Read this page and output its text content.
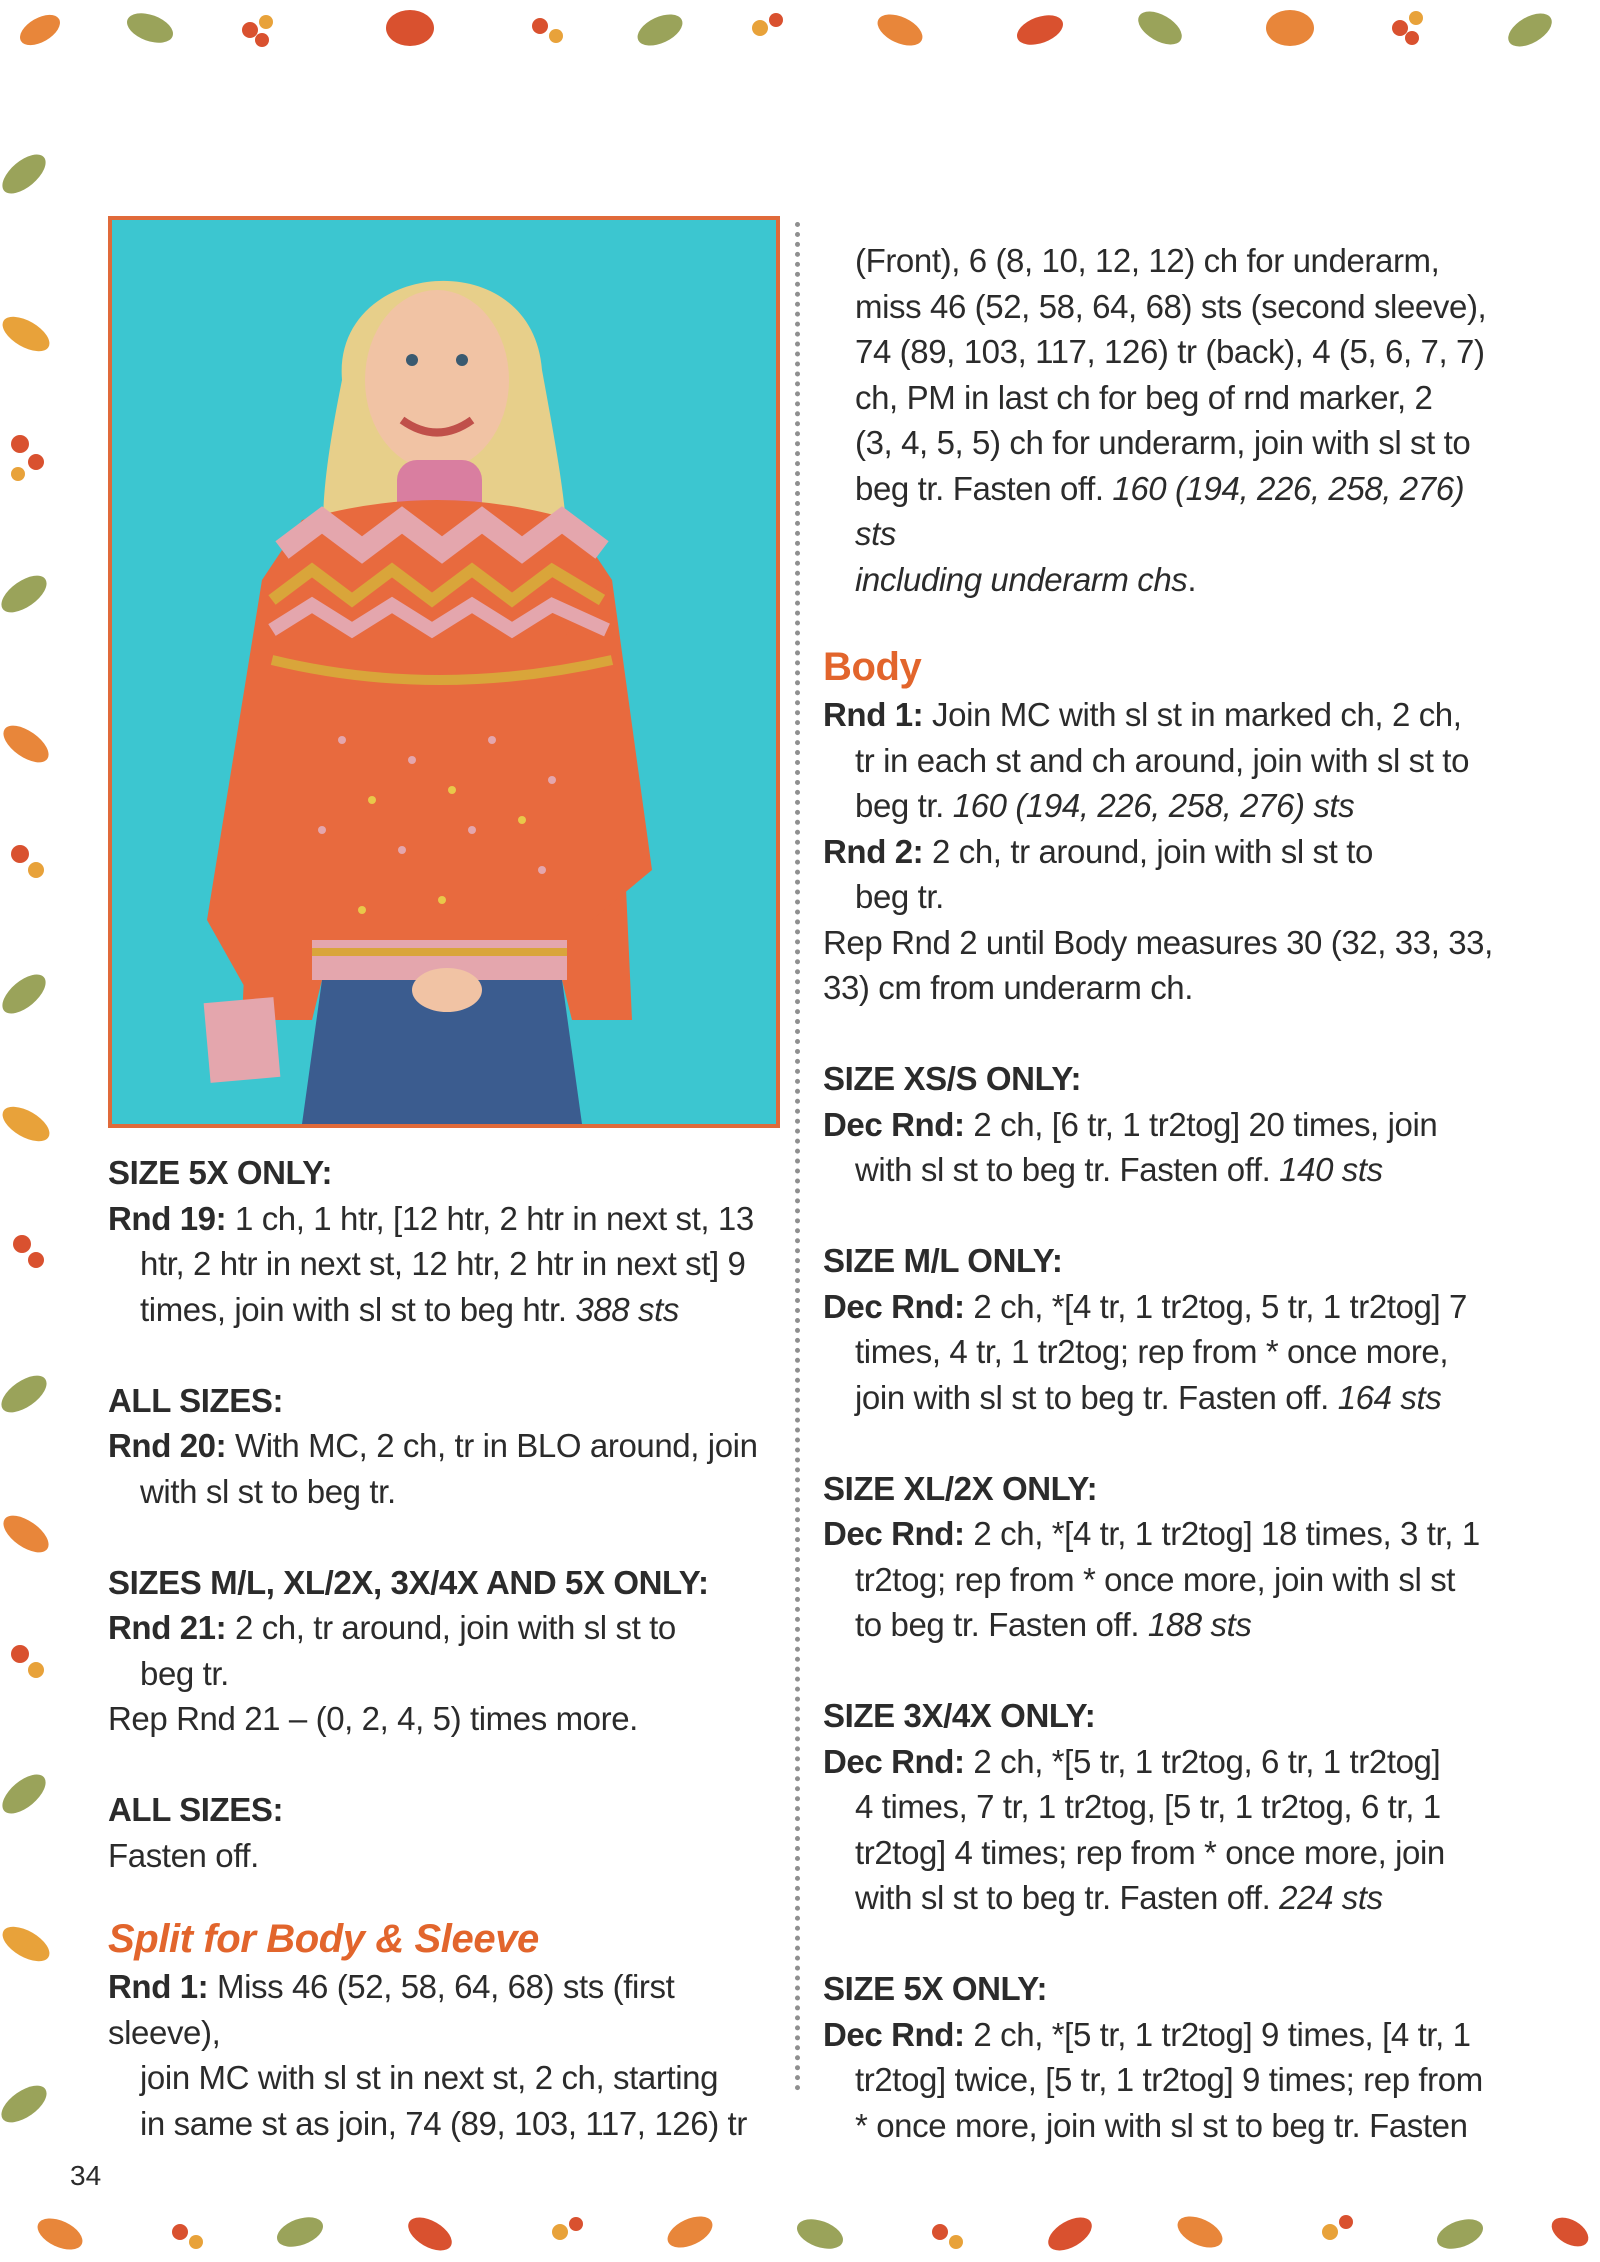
SIZE 5X ONLY:

Rnd 19: 1 ch, 1 htr, [12 htr, 2 htr in next st, 13

htr, 2 htr in next st, 12 htr, 2 htr in next st] 9

times, join with sl st to beg htr. 388 sts

ALL SIZES:

Rnd 20: With MC, 2 ch, tr in BLO around, join

with sl st to beg tr.

SIZES M/L, XL/2X, 3X/4X AND 5X ONLY:

Rnd 21: 2 ch, tr around, join with sl st to

beg tr.

Rep Rnd 21 – (0, 2, 4, 5) times more.

ALL SIZES:

Fasten off.

Split for Body & Sleeve

Rnd 1: Miss 46 (52, 58, 64, 68) sts (first sleeve),

join MC with sl st in next st, 2 ch, starting

in same st as join, 74 (89, 103, 117, 126) tr

(Front), 6 (8, 10, 12, 12) ch for underarm,

miss 46 (52, 58, 64, 68) sts (second sleeve),

74 (89, 103, 117, 126) tr (back), 4 (5, 6, 7, 7)

ch, PM in last ch for beg of rnd marker, 2

(3, 4, 5, 5) ch for underarm, join with sl st to

beg tr. Fasten off. 160 (194, 226, 258, 276) sts

including underarm chs.

Body

Rnd 1: Join MC with sl st in marked ch, 2 ch,

tr in each st and ch around, join with sl st to

beg tr. 160 (194, 226, 258, 276) sts

Rnd 2: 2 ch, tr around, join with sl st to

beg tr.

Rep Rnd 2 until Body measures 30 (32, 33, 33,

33) cm from underarm ch.

SIZE XS/S ONLY:

Dec Rnd: 2 ch, [6 tr, 1 tr2tog] 20 times, join

with sl st to beg tr. Fasten off. 140 sts

SIZE M/L ONLY:

Dec Rnd: 2 ch, *[4 tr, 1 tr2tog, 5 tr, 1 tr2tog] 7

times, 4 tr, 1 tr2tog; rep from * once more,

join with sl st to beg tr. Fasten off. 164 sts

SIZE XL/2X ONLY:

Dec Rnd: 2 ch, *[4 tr, 1 tr2tog] 18 times, 3 tr, 1

tr2tog; rep from * once more, join with sl st

to beg tr. Fasten off. 188 sts

SIZE 3X/4X ONLY:

Dec Rnd: 2 ch, *[5 tr, 1 tr2tog, 6 tr, 1 tr2tog]

4 times, 7 tr, 1 tr2tog, [5 tr, 1 tr2tog, 6 tr, 1

tr2tog] 4 times; rep from * once more, join

with sl st to beg tr. Fasten off. 224 sts

SIZE 5X ONLY:

Dec Rnd: 2 ch, *[5 tr, 1 tr2tog] 9 times, [4 tr, 1

tr2tog] twice, [5 tr, 1 tr2tog] 9 times; rep from

* once more, join with sl st to beg tr. Fasten

34
